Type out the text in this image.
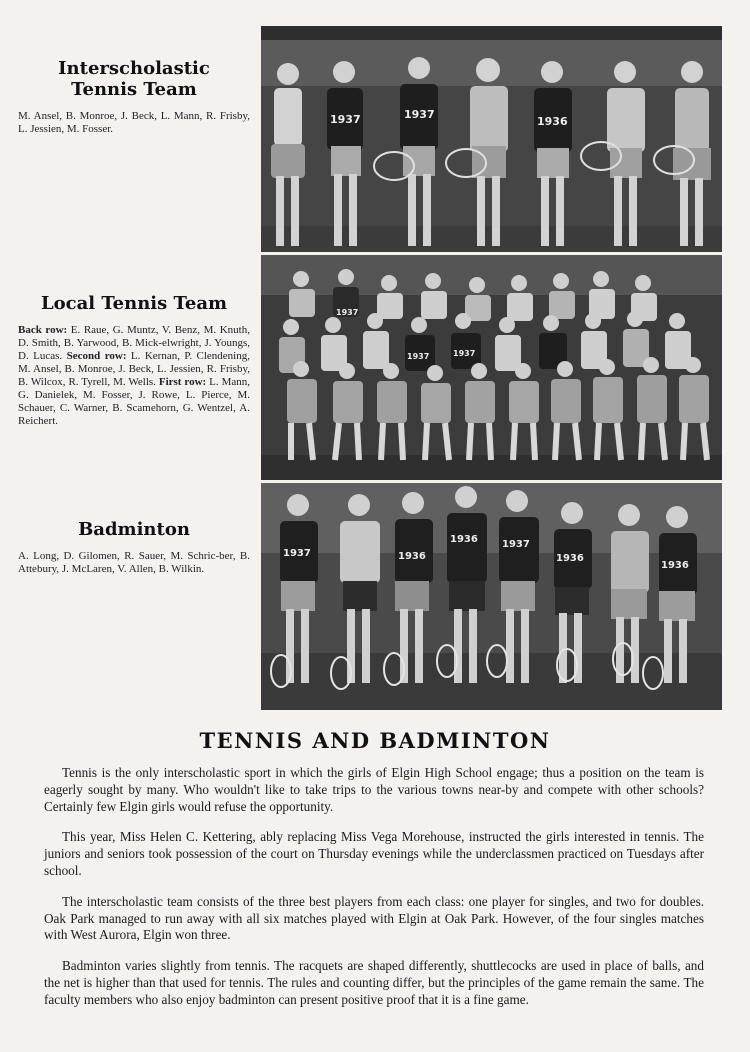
Interscholastic
Tennis Team

M. Ansel, B. Monroe, J. Beck, L. Mann, R. Frisby, L. Jessien, M. Fosser.

Local Tennis Team

Back row: E. Raue, G. Muntz, V. Benz, M. Knuth, D. Smith, B. Yarwood, B. Mick-elwright, J. Youngs, D. Lucas. Second row: L. Kernan, P. Clendening, M. Ansel, B. Monroe, J. Beck, L. Jessien, R. Frisby, B. Wilcox, R. Tyrell, M. Wells. First row: L. Mann, G. Danielek, M. Fosser, J. Rowe, L. Pierce, M. Schauer, C. Warner, B. Scamehorn, G. Wentzel, A. Reichert.

Badminton

A. Long, D. Gilomen, R. Sauer, M. Schric-ber, B. Attebury, J. McLaren, V. Allen, B. Wilkin.

1937	1937
1936
1937	1937
1937
1937	1936
1936 1937
1936
1936
TENNIS AND BADMINTON

Tennis is the only interscholastic sport in which the girls of Elgin High School engage; thus a position on the team is eagerly sought by many. Who wouldn't like to take trips to the various towns near-by and compete with other schools? Certainly few Elgin girls would refuse the opportunity.

This year, Miss Helen C. Kettering, ably replacing Miss Vega Morehouse, instructed the girls interested in tennis. The juniors and seniors took possession of the court on Thursday evenings while the underclassmen practiced on Tuesdays after school.

The interscholastic team consists of the three best players from each class: one player for singles, and two for doubles. Oak Park managed to run away with all six matches played with Elgin at Oak Park. However, of the four singles matches with West Aurora, Elgin won three.

Badminton varies slightly from tennis. The racquets are shaped differently, shuttlecocks are used in place of balls, and the net is higher than that used for tennis. The rules and counting differ, but the principles of the game remain the same. The faculty members who also enjoy badminton can present positive proof that it is a fine game.
